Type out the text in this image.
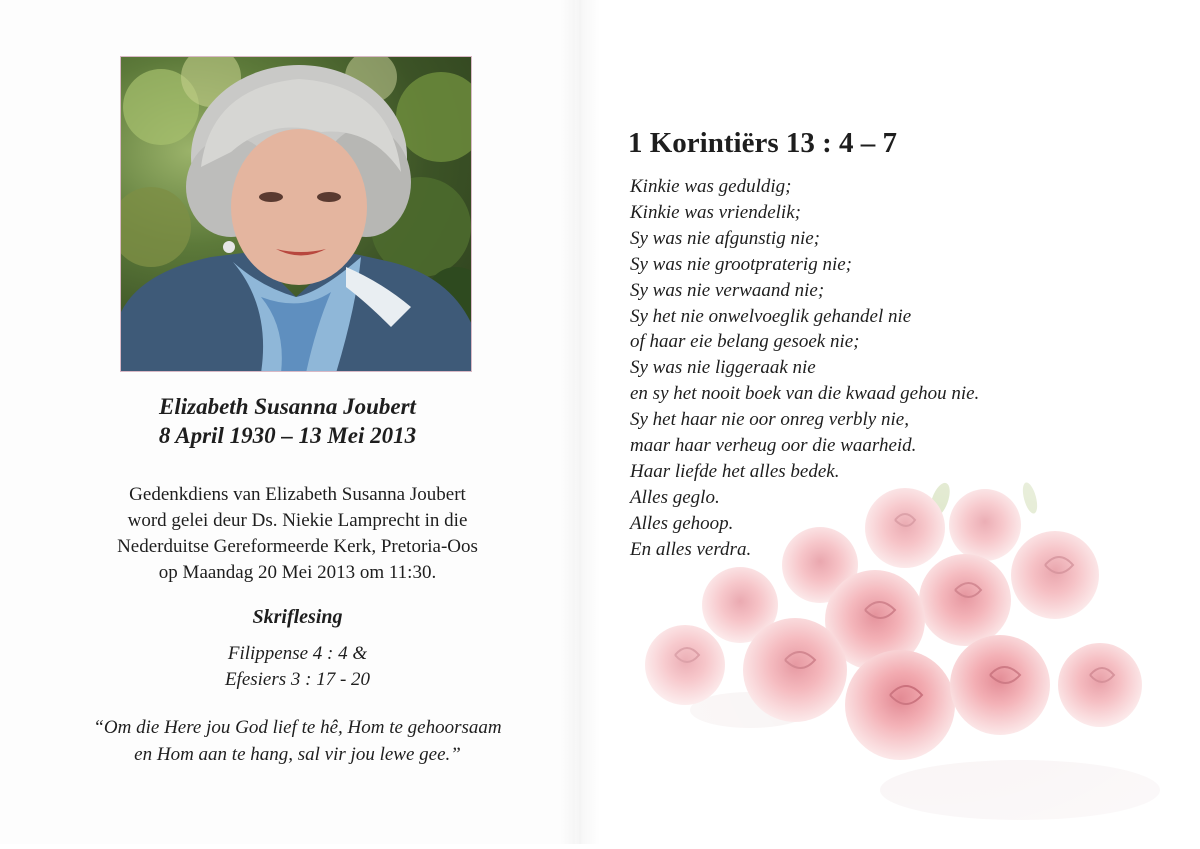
Elizabeth Susanna Joubert
8 April 1930 – 13 Mei 2013
Gedenkdiens van Elizabeth Susanna Joubert
word gelei deur Ds. Niekie Lamprecht in die
Nederduitse Gereformeerde Kerk, Pretoria-Oos
op Maandag 20 Mei 2013 om 11:30.
Skriflesing
Filippense 4 : 4 &
Efesiers 3 : 17 - 20
“Om die Here jou God lief te hê, Hom te gehoorsaam
en Hom aan te hang, sal vir jou lewe gee.”
1 Korintiërs 13 : 4 – 7
Kinkie was geduldig;
Kinkie was vriendelik;
Sy was nie afgunstig nie;
Sy was nie grootpraterig nie;
Sy was nie verwaand nie;
Sy het nie onwelvoeglik gehandel nie
of haar eie belang gesoek nie;
Sy was nie liggeraak nie
en sy het nooit boek van die kwaad gehou nie.
Sy het haar nie oor onreg verbly nie,
maar haar verheug oor die waarheid.
Haar liefde het alles bedek.
Alles geglo.
Alles gehoop.
En alles verdra.
